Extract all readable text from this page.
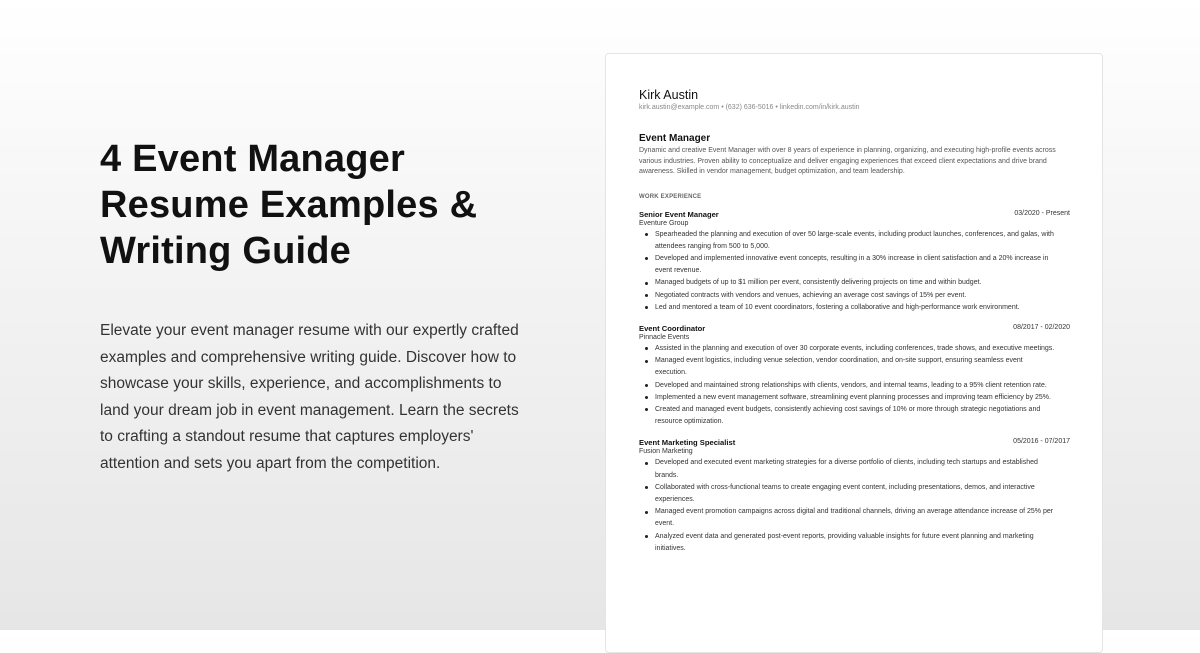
4 Event Manager Resume Examples & Writing Guide

Elevate your event manager resume with our expertly crafted examples and comprehensive writing guide. Discover how to showcase your skills, experience, and accomplishments to land your dream job in event management. Learn the secrets to crafting a standout resume that captures employers' attention and sets you apart from the competition.

Kirk Austin
kirk.austin@example.com • (632) 636-5016 • linkedin.com/in/kirk.austin
Event Manager
Dynamic and creative Event Manager with over 8 years of experience in planning, organizing, and executing high-profile events across various industries. Proven ability to conceptualize and deliver engaging experiences that exceed client expectations and drive brand awareness. Skilled in vendor management, budget optimization, and team leadership.
WORK EXPERIENCE
Senior Event Manager	03/2020 - Present
Eventure Group
Spearheaded the planning and execution of over 50 large-scale events, including product launches, conferences, and galas, with attendees ranging from 500 to 5,000.
Developed and implemented innovative event concepts, resulting in a 30% increase in client satisfaction and a 20% increase in event revenue.
Managed budgets of up to $1 million per event, consistently delivering projects on time and within budget.
Negotiated contracts with vendors and venues, achieving an average cost savings of 15% per event.
Led and mentored a team of 10 event coordinators, fostering a collaborative and high-performance work environment.
Event Coordinator	08/2017 - 02/2020
Pinnacle Events
Assisted in the planning and execution of over 30 corporate events, including conferences, trade shows, and executive meetings.
Managed event logistics, including venue selection, vendor coordination, and on-site support, ensuring seamless event execution.
Developed and maintained strong relationships with clients, vendors, and internal teams, leading to a 95% client retention rate.
Implemented a new event management software, streamlining event planning processes and improving team efficiency by 25%.
Created and managed event budgets, consistently achieving cost savings of 10% or more through strategic negotiations and resource optimization.
Event Marketing Specialist	05/2016 - 07/2017
Fusion Marketing
Developed and executed event marketing strategies for a diverse portfolio of clients, including tech startups and established brands.
Collaborated with cross-functional teams to create engaging event content, including presentations, demos, and interactive experiences.
Managed event promotion campaigns across digital and traditional channels, driving an average attendance increase of 25% per event.
Analyzed event data and generated post-event reports, providing valuable insights for future event planning and marketing initiatives.
